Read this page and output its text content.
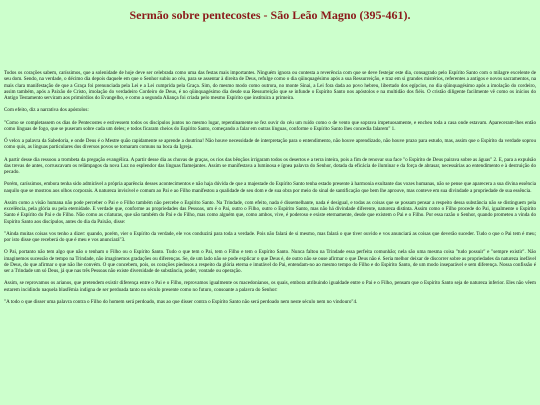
Sermão sobre pentecostes - São Leão Magno (395-461).

Todos os corações sabem, caríssimos, que a solenidade de hoje deve ser celebrada como uma das festas mais importantes. Ninguém ignora ou contesta a reverência com que se deve festejar este dia, consagrado pelo Espírito Santo com o milagre excelente de seu dom. Sendo, na verdade, o décimo dia depois daquele em que o Senhor subiu ao céu, para se assentar à direita de Deus, refulge como o dia qüinquagésimo após a sua Ressurreição, e traz em si grandes mistérios, referentes a antigos e novos sacramentos, na mais clara manifestação de que a Graça foi prenunciada pela Lei e a Lei cumprida pela Graça. Sim, do mesmo modo como outrora, no monte Sinai, a Lei fora dada ao povo hebreu, libertado dos egípcios, no dia qüinquagésimo após a imolação do cordeiro, assim também, após a Paixão de Cristo, imolação do verdadeiro Cordeiro de Deus, é no qüinquagésimo dia desde sua Ressurreição que se infunde o Espírito Santo nos apóstolos e na multidão dos fiéis. O cristão diligente facilmente vê como os inícios do Antigo Testamento serviram aos primórdios do Evangelho, e como a segunda Aliança foi criada pelo mesmo Espírito que instituira a primeira.

Com efeito, diz a narrativa dos apóstolos:

"Como se completassem os dias de Pentecostes e estivessem todos os discípulos juntos no mesmo lugar, repentinamente se fez ouvir do céu um ruído como o de vento que soprava impetuosamente, e encheu toda a casa onde estavam. Apareceram-lhes então como línguas de fogo, que se puseram sobre cada um deles; e todos ficaram cheios do Espírito Santo, começando a falar em outras línguas, conforme o Espírito Santo lhes concedia falarem" 1.

Ó velox a palavra da Sabedoria, e onde Deus é o Mestre quão rapidamente se aprende a doutrina! Não houve necessidade de interpretação para o entendimento, não houve aprendizado, não houve prazo para estudo, mas, assim que o Espírito da verdade soprou como quis, as línguas particulares dos diversos povos se tornaram comuns na boca da Igreja.

A partir desse dia ressoou a trombeta da pregação evangélica. A partir desse dia as chuvas de graças, os rios das bênçãos irrigaram todos os desertos e a terra inteira, pois a fim de renovar sua face "o Espírito de Deus pairava sobre as águas" 2. E, para a expulsão das trevas de antes, corruscavam os relâmpagos da nova Luz no esplendor das línguas flamejantes. Assim se manifestava a luminosa e ígnea palavra do Senhor, dotada da eficácia de iluminar e da força de abrasar, necessárias ao entendimento e à destruição do pecado.

Porém, caríssimos, embora tenha sido admirável a própria aparência desses acontecimentos e não haja dúvida de que a majestade do Espírito Santo tenha estado presente à harmonia exultante das vozes humanas, não se pense que aparecera a sua divina essência naquilo que se mostrou aos olhos corporais. A natureza invisível e comum ao Pai e ao Filho manifestou a qualidade de seu dom e de sua obra por meio do sinal de santificação que bem lhe aprouve, mas conteve em sua divindade a propriedade de sua essência.

Assim como a visão humana não pode perceber o Pai e o Filho também não percebe o Espírito Santo. Na Trindade, com efeito, nada é dissemelhante, nada é desigual, e todas as coisas que se possam pensar a respeito dessa substância não se distinguem pela excelência, pela glória ou pela eternidade. E verdade que, conforme as propriedades das Pessoas, um é o Pai, outro o Filho, outro o Espírito Santo, mas não há divindade diferente, natureza distinta. Assim como o Filho procede do Pai, igualmente o Espírito Santo é Espírito do Pai e do Filho. Não como as criaturas, que são também do Pai e do Filho, mas como alguém que, como ambos, vive, é poderoso e existe eternamente, desde que existem o Pai e o Filho. Por essa razão o Senhor, quando prometeu a vinda do Espírito Santo aos discípulos, antes do dia da Paixão, disse:

"Ainda muitas coisas vos tenho a dizer: quando, porém, vier o Espírito da verdade, ele vos conduzirá para toda a verdade. Pois não falará de si mesmo, mas falará o que tiver ouvido e vos anunciará as coisas que deverão suceder. Tudo o que o Pai tem é meu; por isto disse que receberá do que é meu e vos anunciará"3.

O Pai, portanto não tem algo que não o tenham o Filho ou o Espírito Santo. Tudo o que tem o Pai, tem o Filho e tem o Espírito Santo. Nunca faltou na Trindade essa perfeita comunhão; nela são uma mesma coisa "tudo possuir" e "sempre existir". Não imaginemos sucessão de tempo na Trindade, não imaginemos gradações ou diferenças. Se, de um lado não se pode explicar o que Deus é, de outro não se ouse afirmar o que Deus não é. Seria melhor deixar de discorrer sobre as propriedades da natureza inefável de Deus, do que afirmar o que não lhe convém. O que concebem, pois, os corações piedosos a respeito da glória eterna e imutável do Pai, entendam-no ao mesmo tempo do Filho e do Espírito Santo, de um modo inseparável e sem diferença. Nossa confissão é ser a Trindade um só Deus, já que nas três Pessoas não existe diversidade de substância, poder, vontade ou operação.

Assim, se reprovamos os arianos, que pretendem existir diferença entre o Pai e o Filho, reprovamos igualmente os macedonianos, os quais, embora atribuindo igualdade entre o Pai e o Filho, pensam que o Espírito Santo seja de natureza inferior. Eles não vêem estarem incidindo naquela blasfêmia indigna de ser perdoada tanto no século presente como no futuro, consoante a palavra do Senhor:

"A todo o que disser uma palavra contra o Filho do homem será perdoado, mas ao que disser contra o Espírito Santo não será perdoado nem neste século nem no vindouro"4.
